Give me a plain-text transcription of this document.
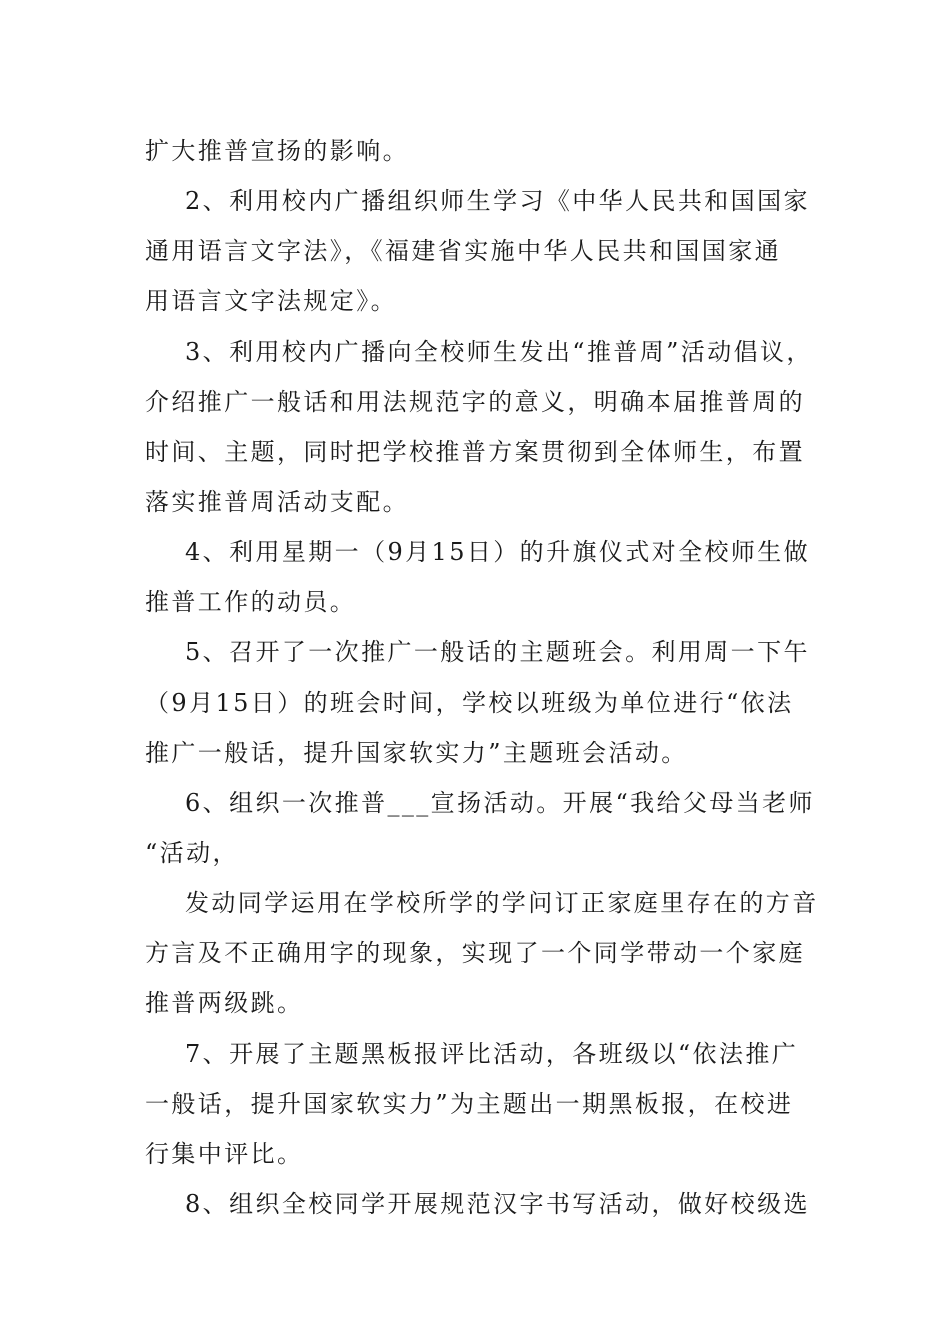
扩大推普宣扬的影响。
2、利用校内广播组织师生学习《中华人民共和国国家
通用语言文字法》，《福建省实施中华人民共和国国家通
用语言文字法规定》。
3、利用校内广播向全校师生发出“推普周”活动倡议，
介绍推广一般话和用法规范字的意义，明确本届推普周的
时间、主题，同时把学校推普方案贯彻到全体师生，布置
落实推普周活动支配。
4、利用星期一（9月15日）的升旗仪式对全校师生做
推普工作的动员。
5、召开了一次推广一般话的主题班会。利用周一下午
（9月15日）的班会时间，学校以班级为单位进行“依法
推广一般话，提升国家软实力”主题班会活动。
6、组织一次推普___宣扬活动。开展“我给父母当老师
“活动，
发动同学运用在学校所学的学问订正家庭里存在的方音
方言及不正确用字的现象，实现了一个同学带动一个家庭
推普两级跳。
7、开展了主题黑板报评比活动，各班级以“依法推广
一般话，提升国家软实力”为主题出一期黑板报，在校进
行集中评比。
8、组织全校同学开展规范汉字书写活动，做好校级选
